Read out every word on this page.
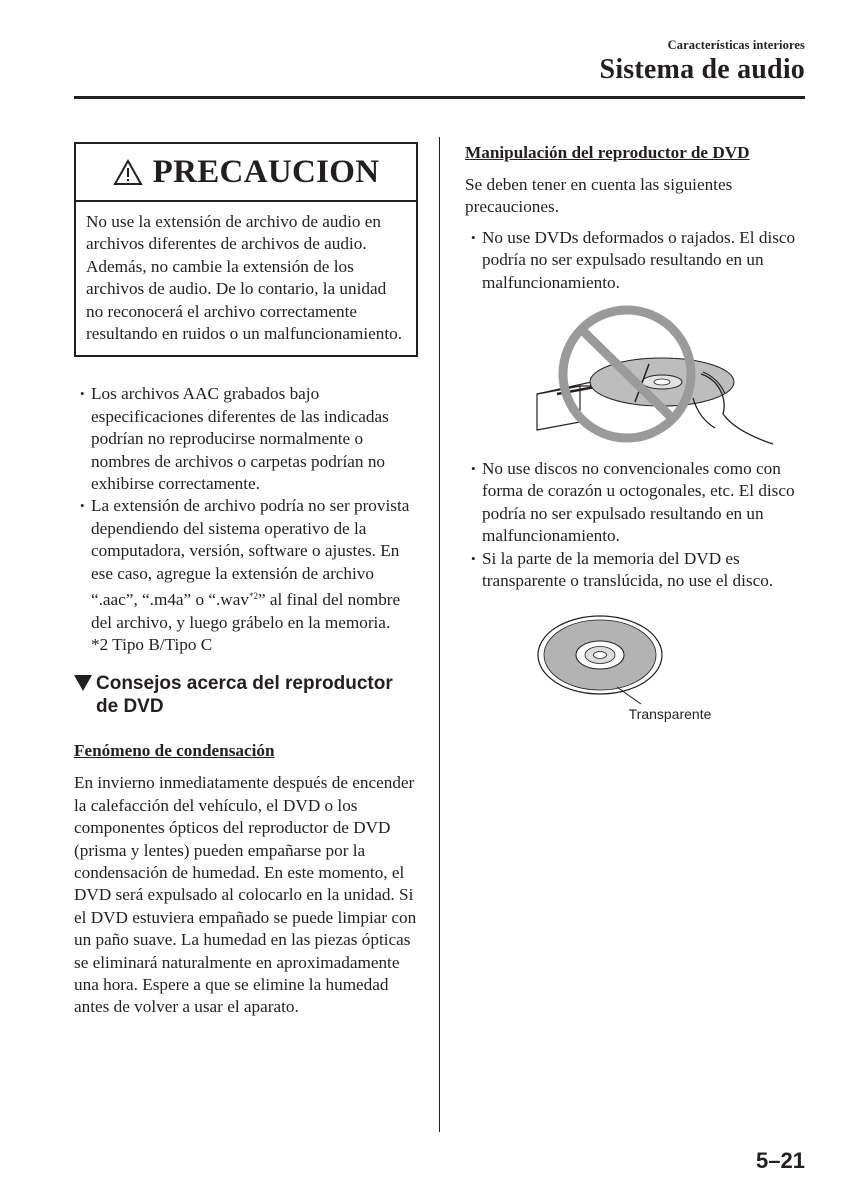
Características interiores
Sistema de audio
PRECAUCION
No use la extensión de archivo de audio en archivos diferentes de archivos de audio. Además, no cambie la extensión de los archivos de audio. De lo contario, la unidad no reconocerá el archivo correctamente resultando en ruidos o un malfuncionamiento.
• Los archivos AAC grabados bajo especificaciones diferentes de las indicadas podrían no reproducirse normalmente o nombres de archivos o carpetas podrían no exhibirse correctamente.
• La extensión de archivo podría no ser provista dependiendo del sistema operativo de la computadora, versión, software o ajustes. En ese caso, agregue la extensión de archivo “.aac”, “.m4a” o “.wav$^{*2}$” al final del nombre del archivo, y luego grábelo en la memoria.
*2 Tipo B/Tipo C
Consejos acerca del reproductor de DVD
Fenómeno de condensación
En invierno inmediatamente después de encender la calefacción del vehículo, el DVD o los componentes ópticos del reproductor de DVD (prisma y lentes) pueden empañarse por la condensación de humedad. En este momento, el DVD será expulsado al colocarlo en la unidad. Si el DVD estuviera empañado se puede limpiar con un paño suave. La humedad en las piezas ópticas se eliminará naturalmente en aproximadamente una hora. Espere a que se elimine la humedad antes de volver a usar el aparato.
Manipulación del reproductor de DVD
Se deben tener en cuenta las siguientes precauciones.
• No use DVDs deformados o rajados. El disco podría no ser expulsado resultando en un malfuncionamiento.
• No use discos no convencionales como con forma de corazón u octogonales, etc. El disco podría no ser expulsado resultando en un malfuncionamiento.
• Si la parte de la memoria del DVD es transparente o translúcida, no use el disco.
Transparente
5–21
